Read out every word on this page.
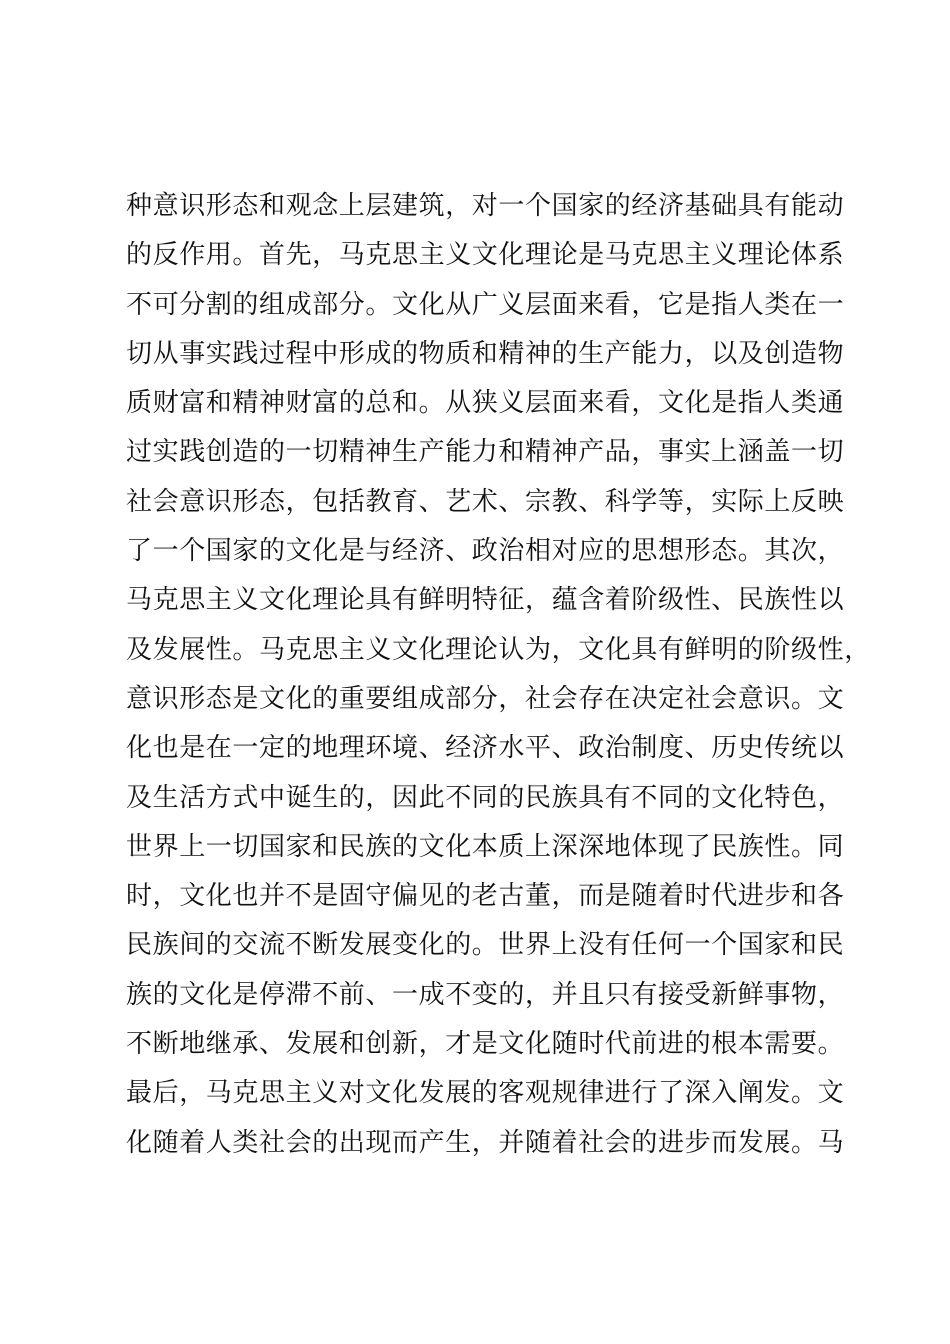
种意识形态和观念上层建筑，对一个国家的经济基础具有能动
的反作用。首先，马克思主义文化理论是马克思主义理论体系
不可分割的组成部分。文化从广义层面来看，它是指人类在一
切从事实践过程中形成的物质和精神的生产能力，以及创造物
质财富和精神财富的总和。从狭义层面来看，文化是指人类通
过实践创造的一切精神生产能力和精神产品，事实上涵盖一切
社会意识形态，包括教育、艺术、宗教、科学等，实际上反映
了一个国家的文化是与经济、政治相对应的思想形态。其次，
马克思主义文化理论具有鲜明特征，蕴含着阶级性、民族性以
及发展性。马克思主义文化理论认为，文化具有鲜明的阶级性，
意识形态是文化的重要组成部分，社会存在决定社会意识。文
化也是在一定的地理环境、经济水平、政治制度、历史传统以
及生活方式中诞生的，因此不同的民族具有不同的文化特色，
世界上一切国家和民族的文化本质上深深地体现了民族性。同
时，文化也并不是固守偏见的老古董，而是随着时代进步和各
民族间的交流不断发展变化的。世界上没有任何一个国家和民
族的文化是停滞不前、一成不变的，并且只有接受新鲜事物，
不断地继承、发展和创新，才是文化随时代前进的根本需要。
最后，马克思主义对文化发展的客观规律进行了深入阐发。文
化随着人类社会的出现而产生，并随着社会的进步而发展。马
